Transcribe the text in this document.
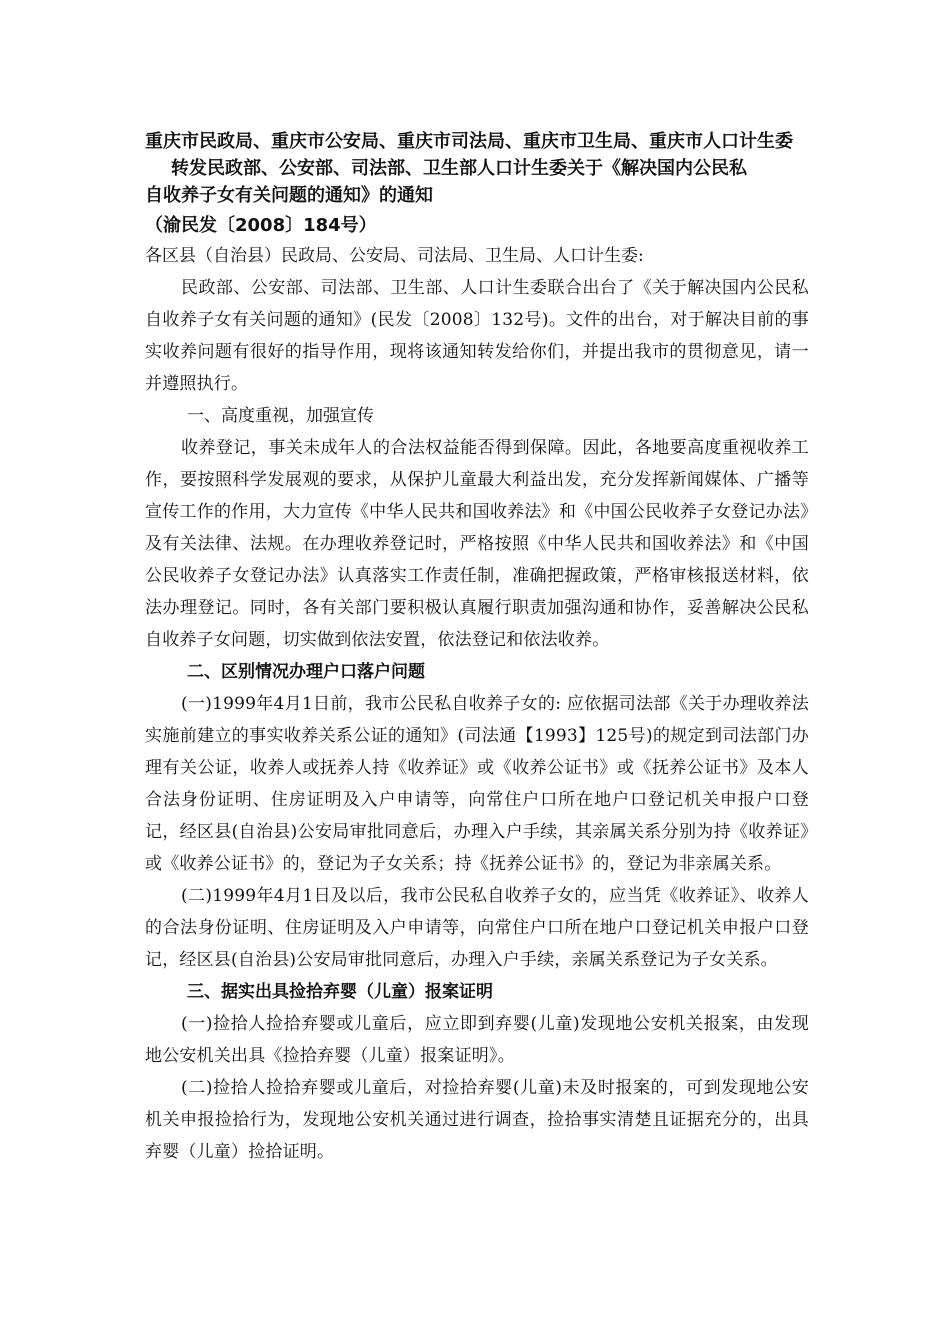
重庆市民政局、重庆市公安局、重庆市司法局、重庆市卫生局、重庆市人口计生委
转发民政部、公安部、司法部、卫生部人口计生委关于《解决国内公民私
自收养子女有关问题的通知》的通知
（渝民发〔2008〕184号）
各区县（自治县）民政局、公安局、司法局、卫生局、人口计生委:

民政部、公安部、司法部、卫生部、人口计生委联合出台了《关于解决国内公民私自收养子女有关问题的通知》(民发〔2008〕132号)。文件的出台，对于解决目前的事实收养问题有很好的指导作用，现将该通知转发给你们，并提出我市的贯彻意见，请一并遵照执行。

一、高度重视，加强宣传

收养登记，事关未成年人的合法权益能否得到保障。因此，各地要高度重视收养工作，要按照科学发展观的要求，从保护儿童最大利益出发，充分发挥新闻媒体、广播等宣传工作的作用，大力宣传《中华人民共和国收养法》和《中国公民收养子女登记办法》及有关法律、法规。在办理收养登记时，严格按照《中华人民共和国收养法》和《中国公民收养子女登记办法》认真落实工作责任制，准确把握政策，严格审核报送材料，依法办理登记。同时，各有关部门要积极认真履行职责加强沟通和协作，妥善解决公民私自收养子女问题，切实做到依法安置，依法登记和依法收养。

二、区别情况办理户口落户问题

(一)1999年4月1日前，我市公民私自收养子女的: 应依据司法部《关于办理收养法实施前建立的事实收养关系公证的通知》(司法通【1993】125号)的规定到司法部门办理有关公证，收养人或抚养人持《收养证》或《收养公证书》或《抚养公证书》及本人合法身份证明、住房证明及入户申请等，向常住户口所在地户口登记机关申报户口登记，经区县(自治县)公安局审批同意后，办理入户手续，其亲属关系分别为持《收养证》或《收养公证书》的，登记为子女关系；持《抚养公证书》的，登记为非亲属关系。

(二)1999年4月1日及以后，我市公民私自收养子女的，应当凭《收养证》、收养人的合法身份证明、住房证明及入户申请等，向常住户口所在地户口登记机关申报户口登记，经区县(自治县)公安局审批同意后，办理入户手续，亲属关系登记为子女关系。

三、据实出具捡拾弃婴（儿童）报案证明

(一)捡拾人捡拾弃婴或儿童后，应立即到弃婴(儿童)发现地公安机关报案，由发现地公安机关出具《捡拾弃婴（儿童）报案证明》。

(二)捡拾人捡拾弃婴或儿童后，对捡拾弃婴(儿童)未及时报案的，可到发现地公安机关申报捡拾行为，发现地公安机关通过进行调查，捡拾事实清楚且证据充分的，出具弃婴（儿童）捡拾证明。
